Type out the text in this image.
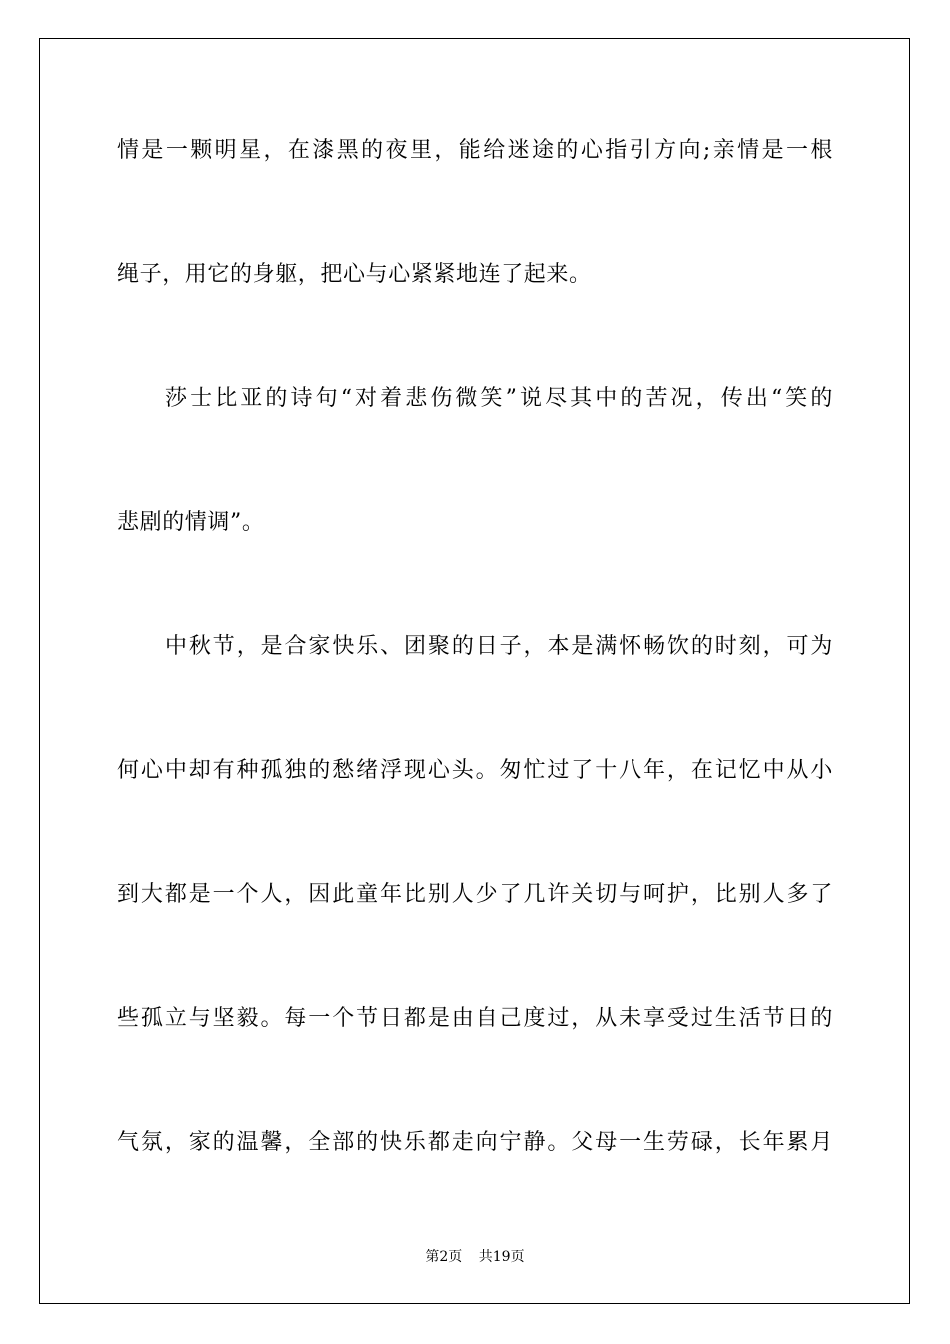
情是一颗明星，在漆黑的夜里，能给迷途的心指引方向;亲情是一根
绳子，用它的身躯，把心与心紧紧地连了起来。
莎士比亚的诗句“对着悲伤微笑”说尽其中的苦况，传出“笑的
悲剧的情调”。
中秋节，是合家快乐、团聚的日子，本是满怀畅饮的时刻，可为
何心中却有种孤独的愁绪浮现心头。匆忙过了十八年，在记忆中从小
到大都是一个人，因此童年比别人少了几许关切与呵护，比别人多了
些孤立与坚毅。每一个节日都是由自己度过，从未享受过生活节日的
气氛，家的温馨，全部的快乐都走向宁静。父母一生劳碌，长年累月
第2页 共19页
